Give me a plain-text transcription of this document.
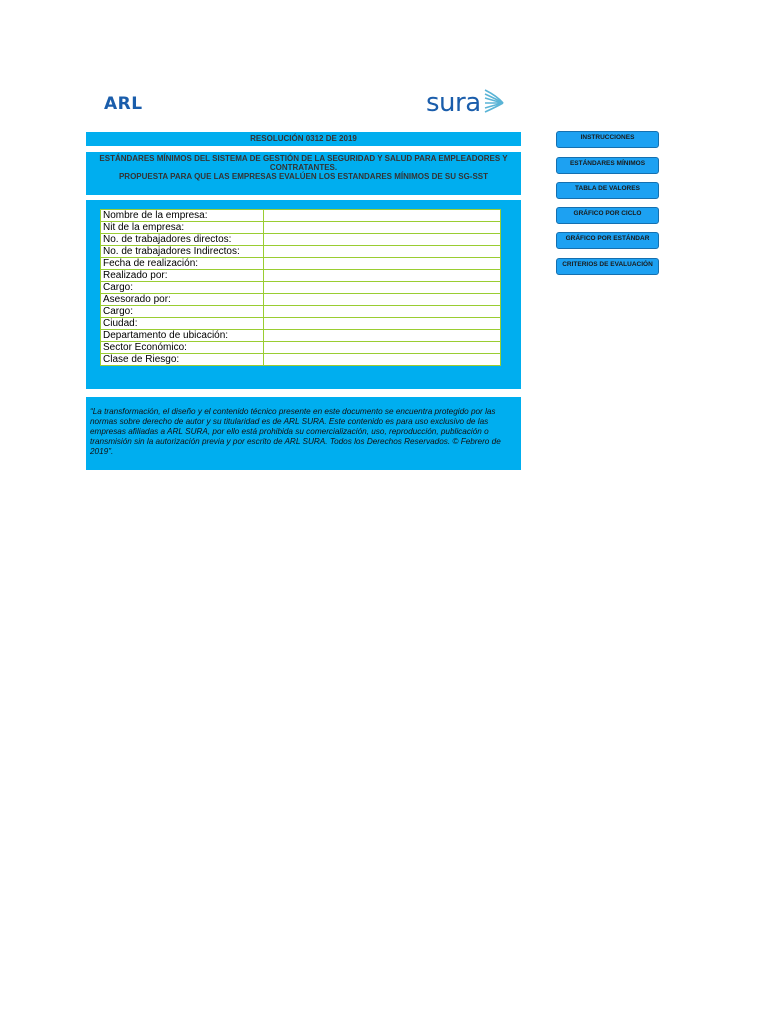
ARL	sura
RESOLUCIÓN 0312 DE 2019
ESTÁNDARES MÍNIMOS DEL SISTEMA DE GESTIÓN DE LA SEGURIDAD Y SALUD PARA EMPLEADORES Y
CONTRATANTES.
PROPUESTA PARA QUE LAS EMPRESAS EVALÚEN LOS ESTANDARES MÍNIMOS DE SU SG-SST
Nombre de la empresa:	
Nit de la empresa:	
No. de trabajadores directos:	
No. de trabajadores Indirectos:	
Fecha de realización:	
Realizado por:	
Cargo:	
Asesorado por:	
Cargo:	
Ciudad:	
Departamento de ubicación:	
Sector Económico:	
Clase de Riesgo:	
“La transformación, el diseño y el contenido técnico presente en este documento se encuentra protegido por las normas sobre derecho de autor y su titularidad es de ARL SURA. Este contenido es para uso exclusivo de las empresas afiliadas a ARL SURA, por ello está prohibida su comercialización, uso, reproducción, publicación o transmisión sin la autorización previa y por escrito de ARL SURA. Todos los Derechos Reservados. © Febrero de 2019”.
INSTRUCCIONES
ESTÁNDARES MÍNIMOS
TABLA DE VALORES
GRÁFICO POR CICLO
GRÁFICO POR ESTÁNDAR
CRITERIOS DE EVALUACIÓN
